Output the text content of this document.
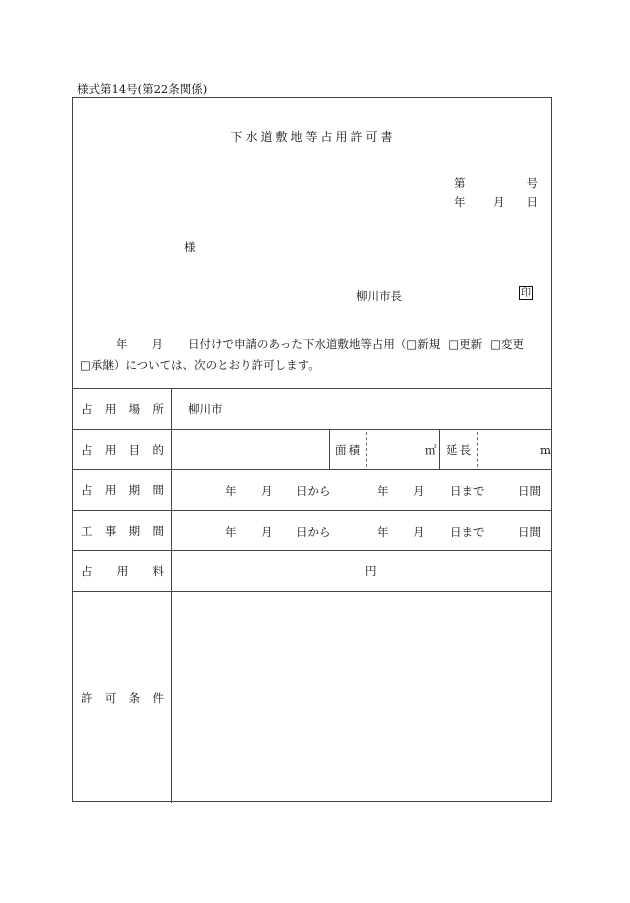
様式第14号(第22条関係)
下水道敷地等占用許可書
第	号
年 月 日
様
柳川市長	印
年 月 日付けで申請のあった下水道敷地等占用（□新規 □更新 □変更
□承継）については、次のとおり許可します。
占 用 場 所 柳川市
占 用 目 的	面積	㎡ 延長	m
占 用 期 間	年 月 日から	年 月 日まで	日間
工 事 期 間	年 月 日から	年 月 日まで	日間
占 用 料	円
許 可 条 件
